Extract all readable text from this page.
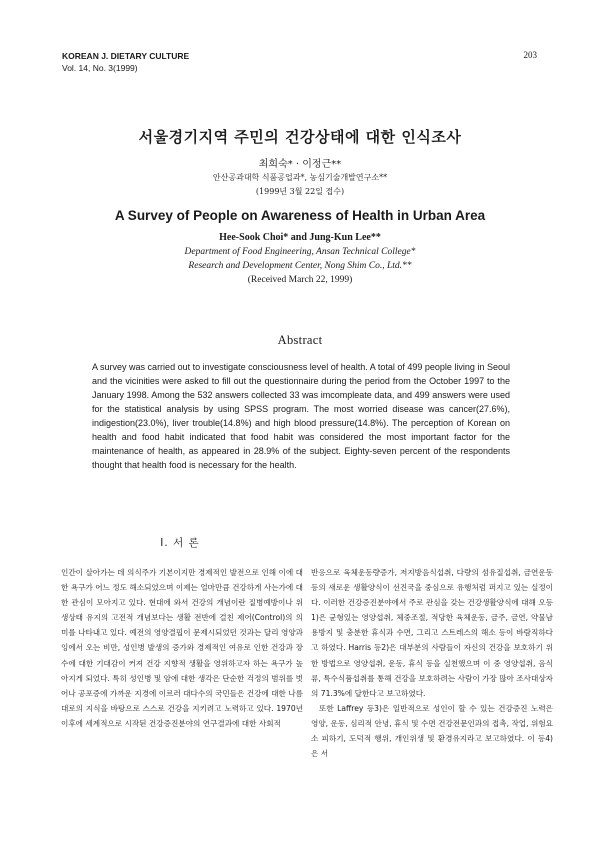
KOREAN J. DIETARY CULTURE
Vol. 14, No. 3(1999)
203
서울경기지역 주민의 건강상태에 대한 인식조사
최희숙* · 이정근**
안산공과대학 식품공업과*, 농심기술개발연구소**
(1999년 3월 22일 접수)
A Survey of People on Awareness of Health in Urban Area
Hee-Sook Choi* and Jung-Kun Lee**
Department of Food Engineering, Ansan Technical College*
Research and Development Center, Nong Shim Co., Ltd.**
(Received March 22, 1999)
Abstract
A survey was carried out to investigate consciousness level of health. A total of 499 people living in Seoul and the vicinities were asked to fill out the questionnaire during the period from the October 1997 to the January 1998. Among the 532 answers collected 33 was imcompleate data, and 499 answers were used for the statistical analysis by using SPSS program. The most worried disease was cancer(27.6%), indigestion(23.0%), liver trouble(14.8%) and high blood pressure(14.8%). The perception of Korean on health and food habit indicated that food habit was considered the most important factor for the maintenance of health, as appeared in 28.9% of the subject. Eighty-seven percent of the respondents thought that health food is necessary for the health.
I. 서 론

인간이 살아가는 데 의식주가 기본이지만 경제적인 발전으로 인해 이에 대한 욕구가 어느 정도 해소되었으며 이제는 얼마만큼 건강하게 사는가에 대한 관심이 모아지고 있다. 현대에 와서 건강의 개념이란 질병예방이나 위생상태 유지의 고전적 개념보다는 생활 전반에 걸친 제어(Control)의 의미를 나타내고 있다. 예전의 영양결핍이 문제시되었던 것과는 달리 영양과잉에서 오는 비만, 성인병 발생의 증가와 경제적인 여유로 인한 건강과 장수에 대한 기대감이 커져 건강 지향적 생활을 영위하고자 하는 욕구가 높아지게 되었다. 특히 성인병 및 암에 대한 생각은 단순한 걱정의 범위를 벗어나 공포증에 가까운 지경에 이르러 대다수의 국민들은 건강에 대한 나름대로의 지식을 바탕으로 스스로 건강을 지키려고 노력하고 있다. 1970년 이후에 세계적으로 시작된 건강증진분야의 연구결과에 대한 사회적

반응으로 육체운동량증가, 저지방음식섭취, 다량의 섬유질섭취, 금연운동 등의 새로운 생활양식이 선진국을 중심으로 유행처럼 퍼지고 있는 실정이다. 이러한 건강증진분야에서 주로 관심을 갖는 건강생활양식에 대해 오등1)은 균형있는 영양섭취, 체중조절, 적당한 육체운동, 금주, 금연, 약물남용방지 및 충분한 휴식과 수면, 그리고 스트레스의 해소 등이 바람직하다고 하였다. Harris 등2)은 대부분의 사람들이 자신의 건강을 보호하기 위한 방법으로 영양섭취, 운동, 휴식 등을 실천했으며 이 중 영양섭취, 음식류, 특수식품섭취를 통해 건강을 보호하려는 사람이 가장 많아 조사대상자의 71.3%에 달한다고 보고하였다.

또한 Laffrey 등3)은 일반적으로 성인이 할 수 있는 건강증진 노력은 영양, 운동, 심리적 안녕, 휴식 및 수면 건강전문인과의 접촉, 작업, 위험요소 피하기, 도덕적 행위, 개인위생 및 환경유지라고 보고하였다. 이 등4)은 서
